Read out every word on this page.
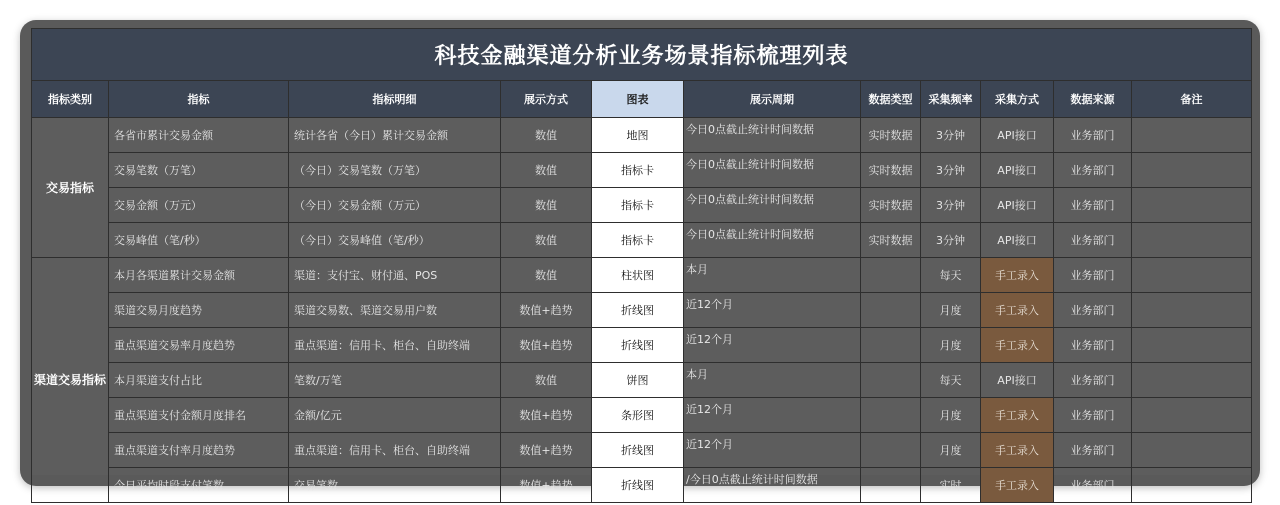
科技金融渠道分析业务场景指标梳理列表										
指标类别	指标	指标明细	展示方式	图表	展示周期	数据类型	采集频率	采集方式	数据来源	备注
交易指标	各省市累计交易金额	统计各省（今日）累计交易金额	数值	地图	今日0点截止统计时间数据	实时数据	3分钟	API接口	业务部门	
	交易笔数（万笔）	（今日）交易笔数（万笔）	数值	指标卡	今日0点截止统计时间数据	实时数据	3分钟	API接口	业务部门	
	交易金额（万元）	（今日）交易金额（万元）	数值	指标卡	今日0点截止统计时间数据	实时数据	3分钟	API接口	业务部门	
	交易峰值（笔/秒）	（今日）交易峰值（笔/秒）	数值	指标卡	今日0点截止统计时间数据	实时数据	3分钟	API接口	业务部门	
渠道交易指标	本月各渠道累计交易金额	渠道：支付宝、财付通、POS	数值	柱状图	本月		每天	手工录入	业务部门	
	渠道交易月度趋势	渠道交易数、渠道交易用户数	数值+趋势	折线图	近12个月		月度	手工录入	业务部门	
	重点渠道交易率月度趋势	重点渠道：信用卡、柜台、自助终端	数值+趋势	折线图	近12个月		月度	手工录入	业务部门	
	本月渠道支付占比	笔数/万笔	数值	饼图	本月		每天	API接口	业务部门	
	重点渠道支付金额月度排名	金额/亿元	数值+趋势	条形图	近12个月		月度	手工录入	业务部门	
	重点渠道支付率月度趋势	重点渠道：信用卡、柜台、自助终端	数值+趋势	折线图	近12个月		月度	手工录入	业务部门	
	今日平均时段支付笔数	交易笔数	数值+趋势	折线图	/今日0点截止统计时间数据		实时	手工录入	业务部门	
